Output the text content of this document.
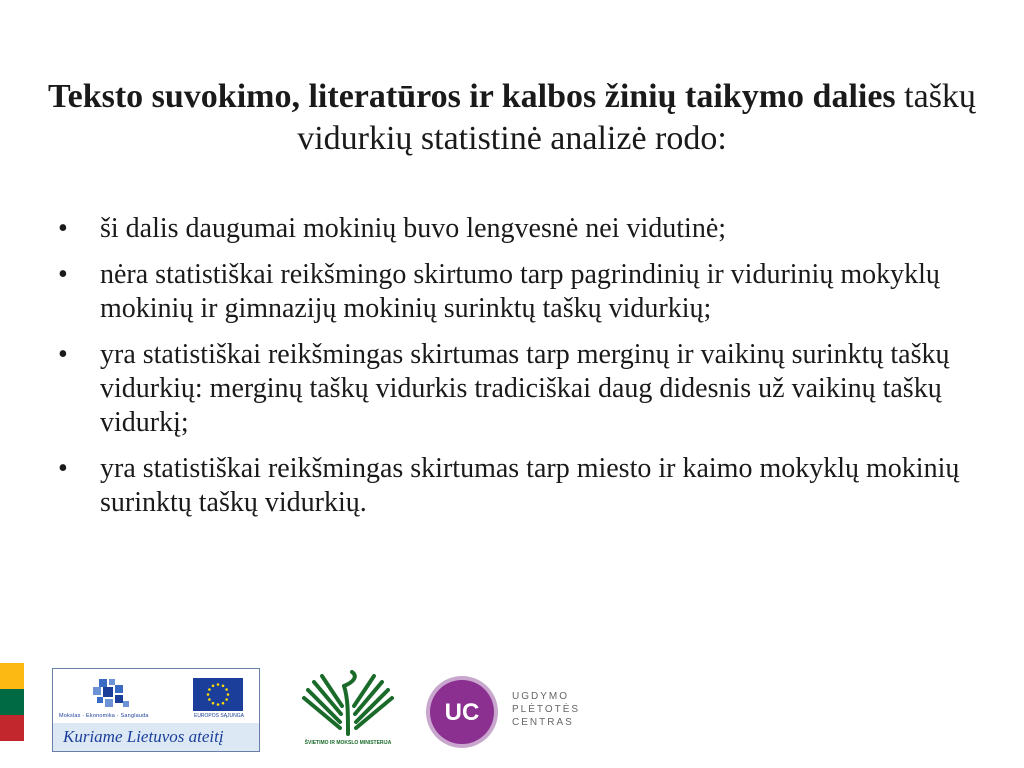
Teksto suvokimo, literatūros ir kalbos žinių taikymo dalies taškų vidurkių statistinė analizė rodo:
• ši dalis daugumai mokinių buvo lengvesnė nei vidutinė;
• nėra statistiškai reikšmingo skirtumo tarp pagrindinių ir vidurinių mokyklų mokinių ir gimnazijų mokinių surinktų taškų vidurkių;
• yra statistiškai reikšmingas skirtumas tarp merginų ir vaikinų surinktų taškų vidurkių: merginų taškų vidurkis tradiciškai daug didesnis už vaikinų taškų vidurkį;
• yra statistiškai reikšmingas skirtumas tarp miesto ir kaimo mokyklų mokinių surinktų taškų vidurkių.
Mokslas · Ekonomika · Sanglauda	EUROPOS SĄJUNGA
Kuriame Lietuvos ateitį	ŠVIETIMO IR MOKSLO MINISTERIJA
UC
UGDYMO
PLĖTOTĖS
CENTRAS
